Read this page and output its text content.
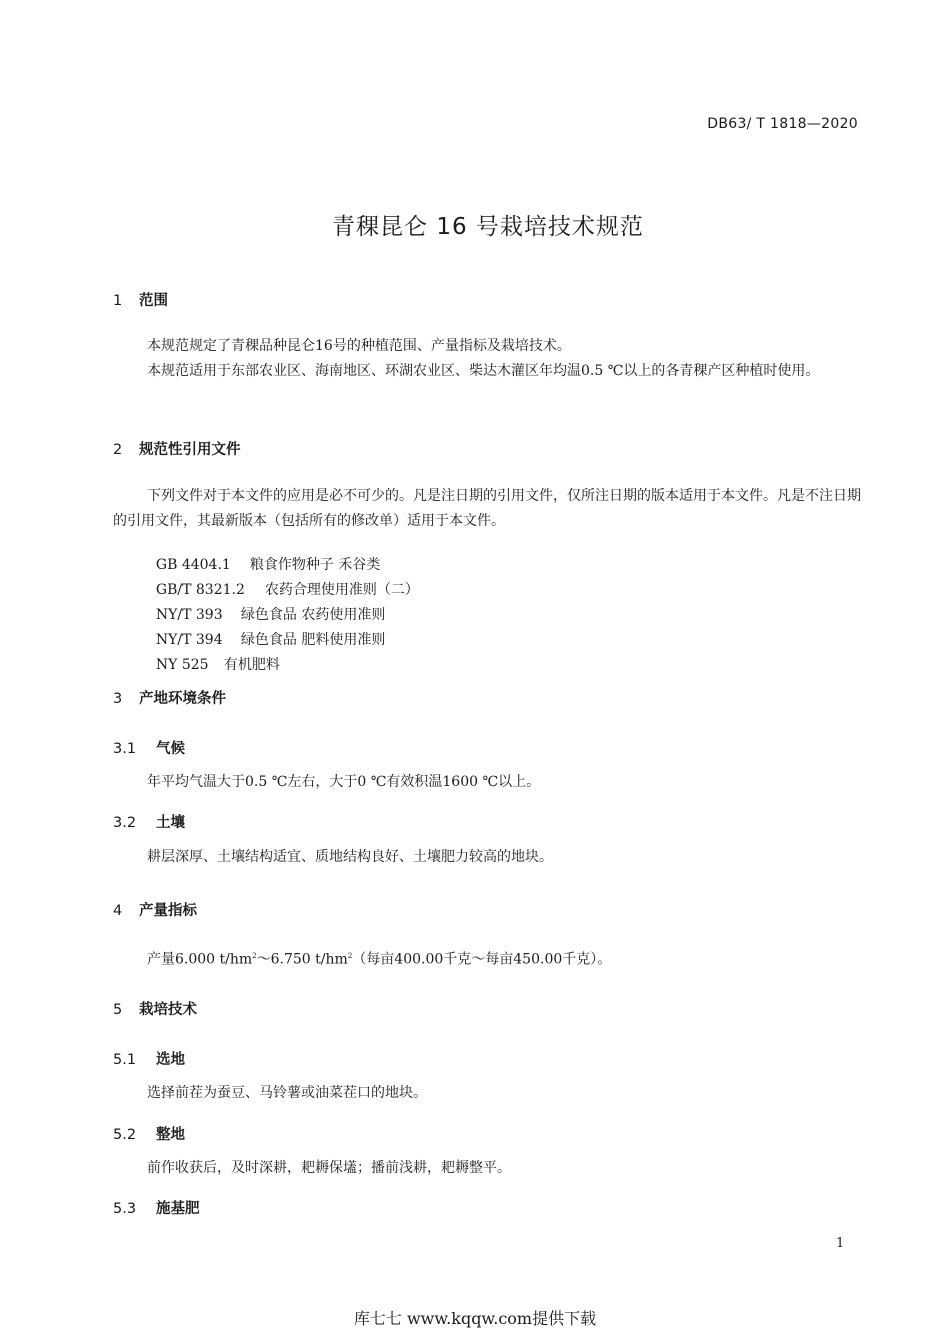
DB63/ T 1818—2020
青稞昆仑 16 号栽培技术规范
1 范围

本规范规定了青稞品种昆仑16号的种植范围、产量指标及栽培技术。

本规范适用于东部农业区、海南地区、环湖农业区、柴达木灌区年均温0.5 ℃以上的各青稞产区种植时使用。

2 规范性引用文件

下列文件对于本文件的应用是必不可少的。凡是注日期的引用文件，仅所注日期的版本适用于本文件。凡是不注日期的引用文件，其最新版本（包括所有的修改单）适用于本文件。

GB 4404.1 粮食作物种子 禾谷类

GB/T 8321.2 农药合理使用准则（二）

NY/T 393 绿色食品 农药使用准则

NY/T 394 绿色食品 肥料使用准则

NY 525 有机肥料

3 产地环境条件
3.1 气候

年平均气温大于0.5 ℃左右，大于0 ℃有效积温1600 ℃以上。

3.2 土壤

耕层深厚、土壤结构适宜、质地结构良好、土壤肥力较高的地块。

4 产量指标

产量6.000 $t/hm^2\sim 6.750$ $t/hm^2$（每亩400.00千克～每亩450.00千克）。

5 栽培技术
5.1 选地

选择前茬为蚕豆、马铃薯或油菜茬口的地块。

5.2 整地

前作收获后，及时深耕，耙耨保壒；播前浅耕，耙耨整平。

5.3 施基肥
1
库七七 www.kqqw.com提供下载
